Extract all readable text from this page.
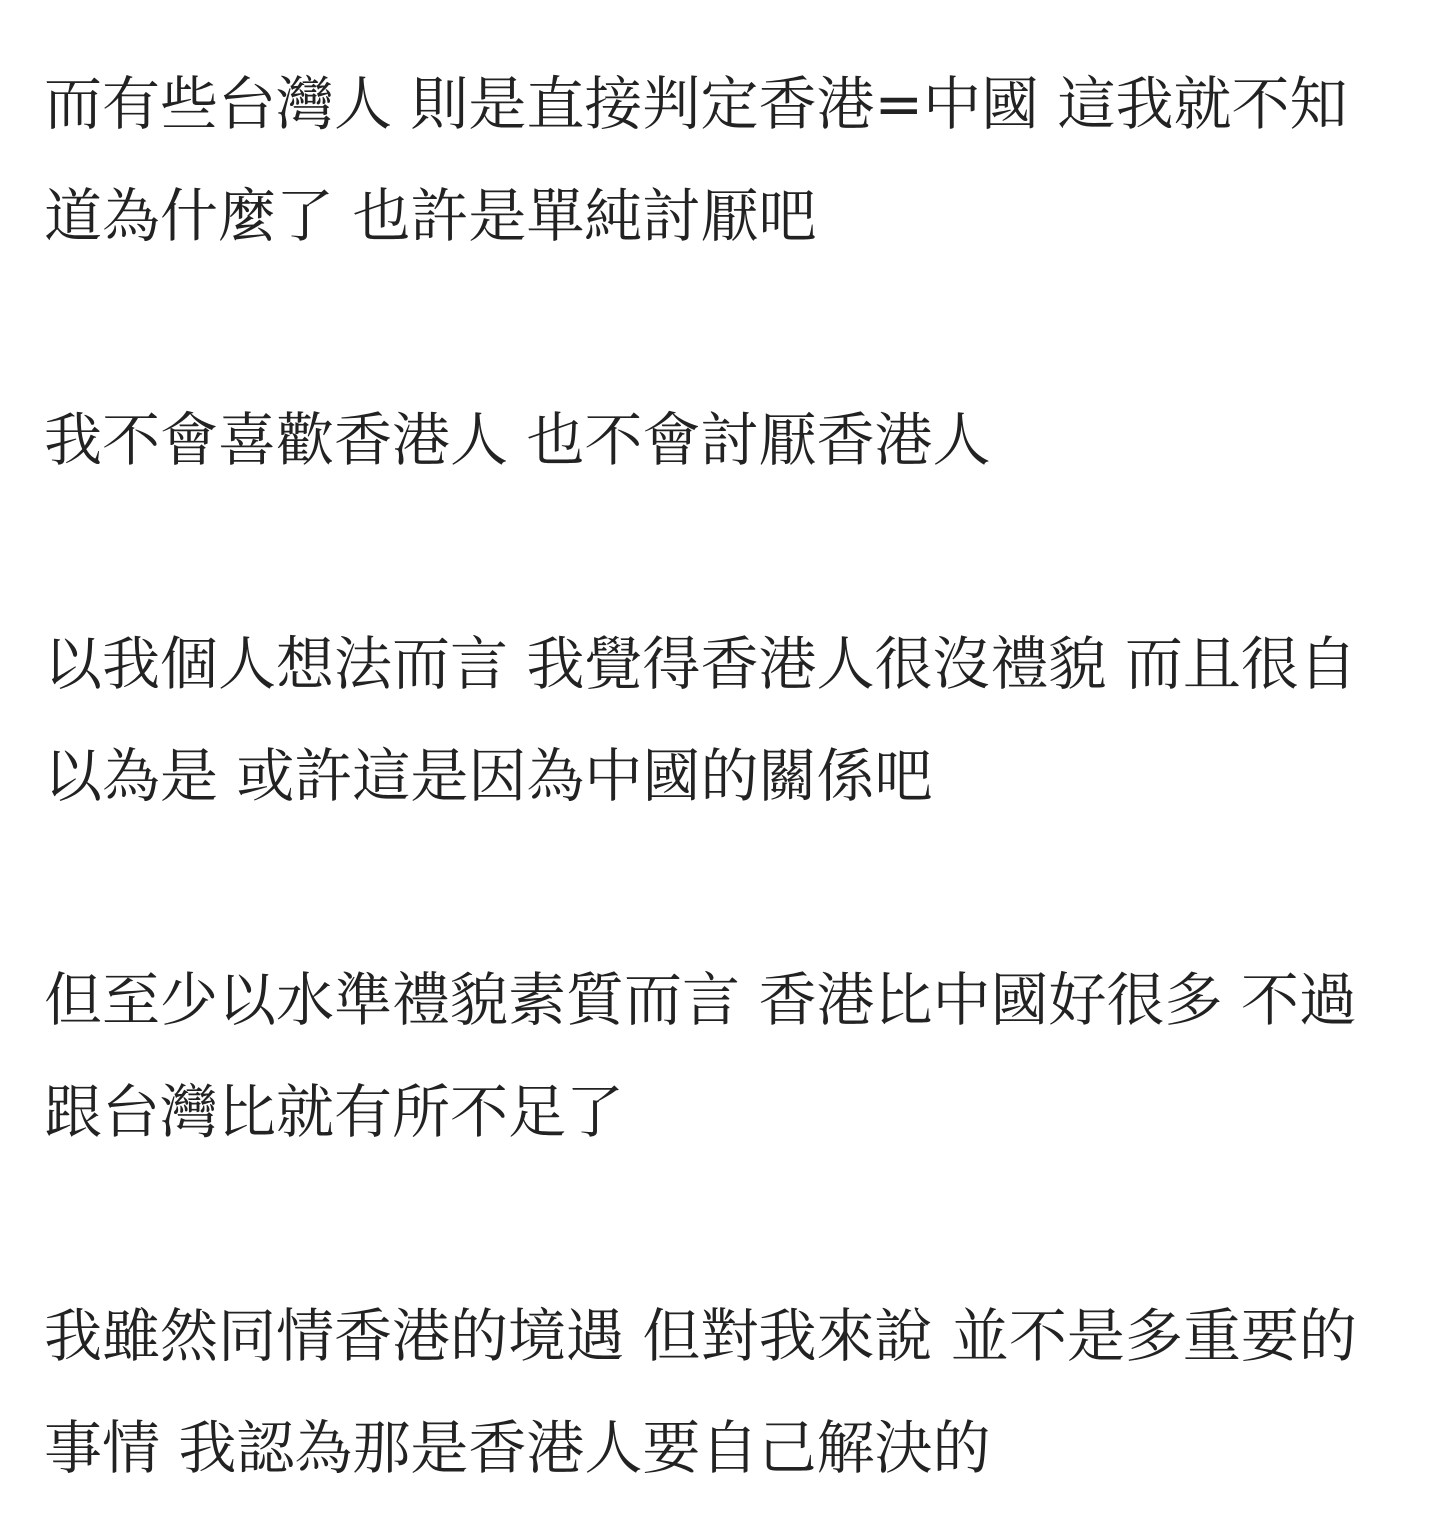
而有些台灣人 則是直接判定香港=中國 這我就不知道為什麼了 也許是單純討厭吧

我不會喜歡香港人 也不會討厭香港人

以我個人想法而言 我覺得香港人很沒禮貌 而且很自以為是 或許這是因為中國的關係吧

但至少以水準禮貌素質而言 香港比中國好很多 不過跟台灣比就有所不足了

我雖然同情香港的境遇 但對我來說 並不是多重要的事情 我認為那是香港人要自己解決的
